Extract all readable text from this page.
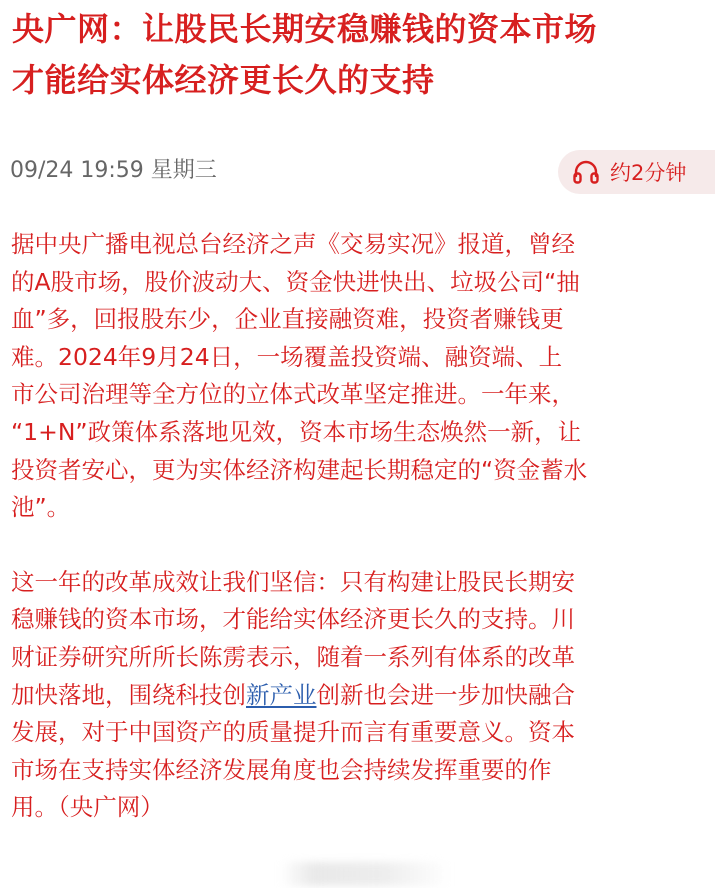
央广网：让股民长期安稳赚钱的资本市场
才能给实体经济更长久的支持
09/24 19:59 星期三	约2分钟

据中央广播电视总台经济之声《交易实况》报道，曾经
的A股市场，股价波动大、资金快进快出、垃圾公司“抽
血”多，回报股东少，企业直接融资难，投资者赚钱更
难。2024年9月24日，一场覆盖投资端、融资端、上
市公司治理等全方位的立体式改革坚定推进。一年来，
“1+N”政策体系落地见效，资本市场生态焕然一新，让
投资者安心，更为实体经济构建起长期稳定的“资金蓄水
池”。

这一年的改革成效让我们坚信：只有构建让股民长期安
稳赚钱的资本市场，才能给实体经济更长久的支持。川
财证券研究所所长陈雳表示，随着一系列有体系的改革
加快落地，围绕科技创新产业创新也会进一步加快融合
发展，对于中国资产的质量提升而言有重要意义。资本
市场在支持实体经济发展角度也会持续发挥重要的作
用。（央广网）
